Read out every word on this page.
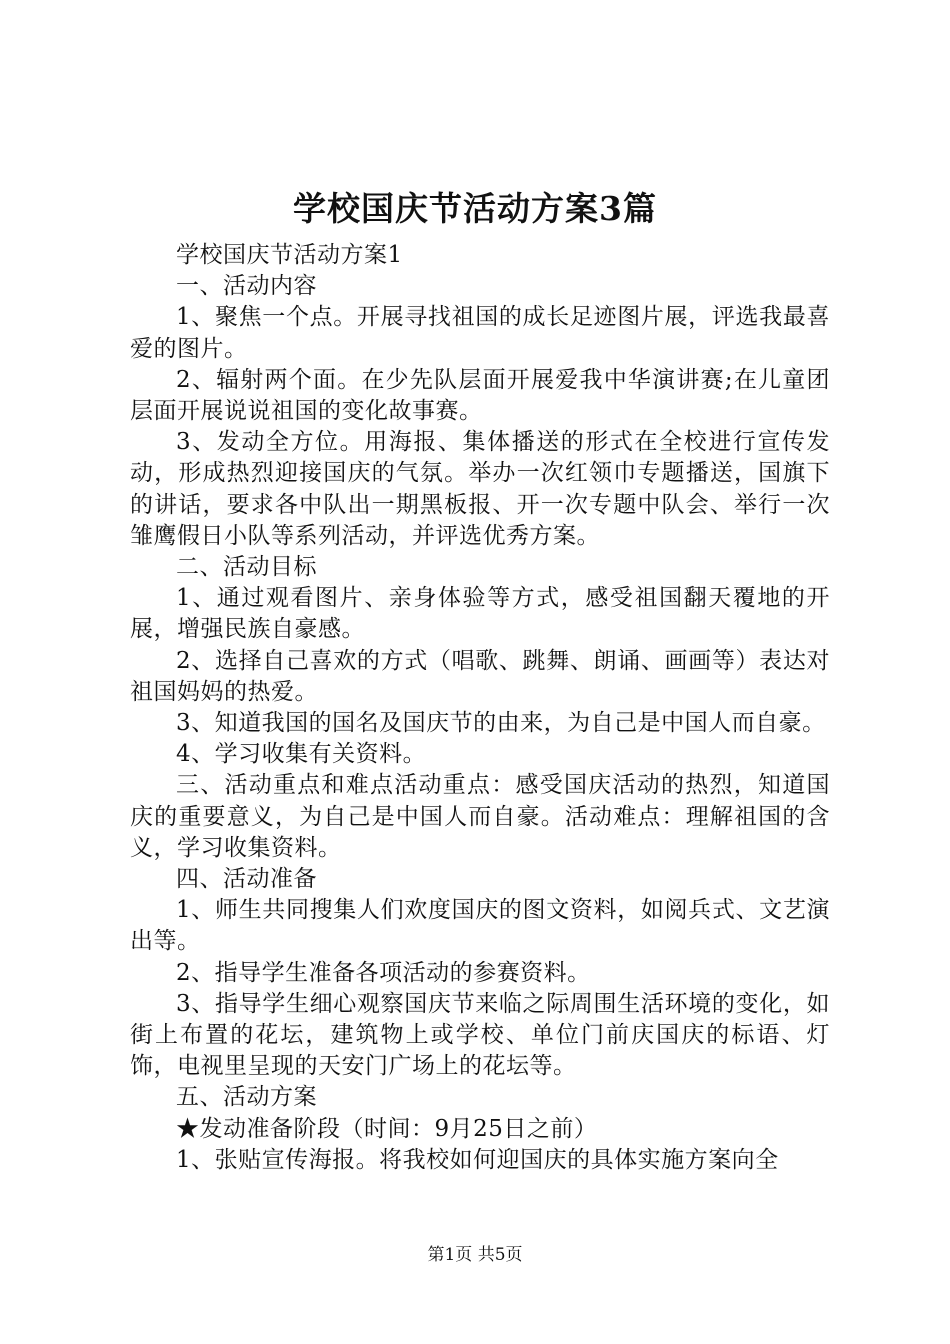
学校国庆节活动方案3篇

学校国庆节活动方案1

一、活动内容

1、聚焦一个点。开展寻找祖国的成长足迹图片展，评选我最喜爱的图片。

2、辐射两个面。在少先队层面开展爱我中华演讲赛;在儿童团层面开展说说祖国的变化故事赛。

3、发动全方位。用海报、集体播送的形式在全校进行宣传发动，形成热烈迎接国庆的气氛。举办一次红领巾专题播送，国旗下的讲话，要求各中队出一期黑板报、开一次专题中队会、举行一次雏鹰假日小队等系列活动，并评选优秀方案。

二、活动目标

1、通过观看图片、亲身体验等方式，感受祖国翻天覆地的开展，增强民族自豪感。

2、选择自己喜欢的方式（唱歌、跳舞、朗诵、画画等）表达对祖国妈妈的热爱。

3、知道我国的国名及国庆节的由来，为自己是中国人而自豪。

4、学习收集有关资料。

三、活动重点和难点活动重点：感受国庆活动的热烈，知道国庆的重要意义，为自己是中国人而自豪。活动难点：理解祖国的含义，学习收集资料。

四、活动准备

1、师生共同搜集人们欢度国庆的图文资料，如阅兵式、文艺演出等。

2、指导学生准备各项活动的参赛资料。

3、指导学生细心观察国庆节来临之际周围生活环境的变化，如街上布置的花坛，建筑物上或学校、单位门前庆国庆的标语、灯饰，电视里呈现的天安门广场上的花坛等。

五、活动方案

★发动准备阶段（时间：9月25日之前）

1、张贴宣传海报。将我校如何迎国庆的具体实施方案向全

第1页 共5页
